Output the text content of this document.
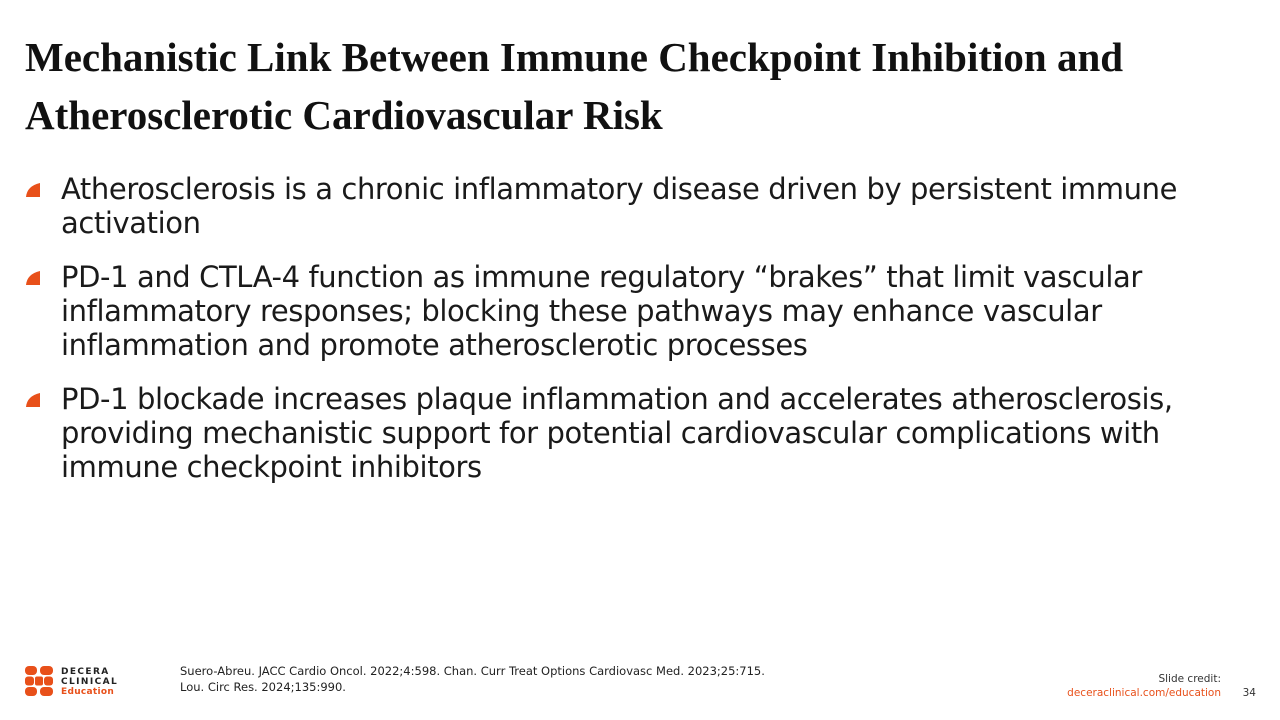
Mechanistic Link Between Immune Checkpoint Inhibition and Atherosclerotic Cardiovascular Risk
Atherosclerosis is a chronic inflammatory disease driven by persistent immune activation
PD-1 and CTLA-4 function as immune regulatory “brakes” that limit vascular inflammatory responses; blocking these pathways may enhance vascular inflammation and promote atherosclerotic processes
PD-1 blockade increases plaque inflammation and accelerates atherosclerosis, providing mechanistic support for potential cardiovascular complications with immune checkpoint inhibitors
DECERA
CLINICAL
Education
Suero-Abreu. JACC Cardio Oncol. 2022;4:598. Chan. Curr Treat Options Cardiovasc Med. 2023;25:715.
Lou. Circ Res. 2024;135:990.
Slide credit:
deceraclinical.com/education 34
